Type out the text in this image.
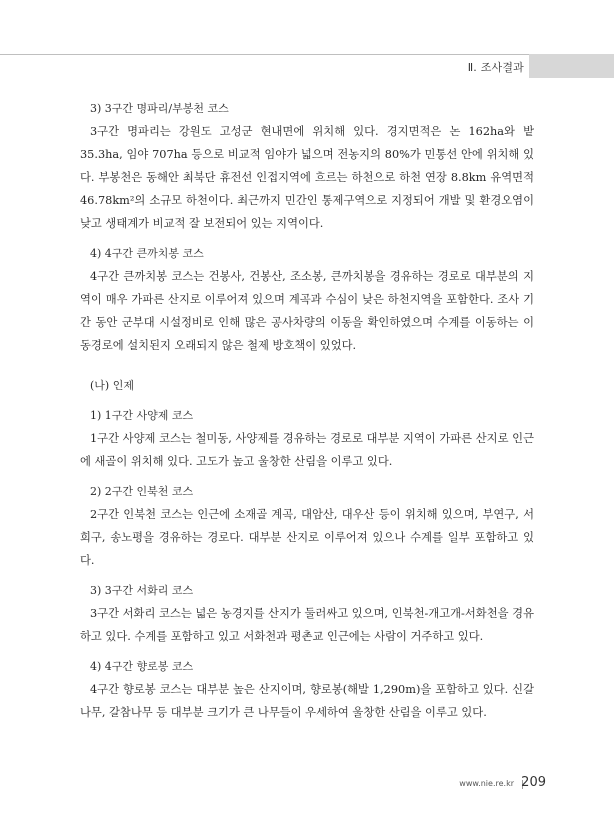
Ⅱ. 조사결과

3) 3구간 명파리/부봉천 코스

3구간 명파리는 강원도 고성군 현내면에 위치해 있다. 경지면적은 논 162ha와 밭 35.3ha, 임야 707ha 등으로 비교적 임야가 넓으며 전농지의 80%가 민통선 안에 위치해 있다. 부봉천은 동해안 최북단 휴전선 인접지역에 흐르는 하천으로 하천 연장 8.8km 유역면적 46.78km²의 소규모 하천이다. 최근까지 민간인 통제구역으로 지정되어 개발 및 환경오염이 낮고 생태계가 비교적 잘 보전되어 있는 지역이다.

4) 4구간 큰까치봉 코스

4구간 큰까치봉 코스는 건봉사, 건봉산, 조소봉, 큰까치봉을 경유하는 경로로 대부분의 지역이 매우 가파른 산지로 이루어져 있으며 계곡과 수심이 낮은 하천지역을 포함한다. 조사 기간 동안 군부대 시설정비로 인해 많은 공사차량의 이동을 확인하였으며 수계를 이동하는 이동경로에 설치된지 오래되지 않은 철제 방호책이 있었다.

(나) 인제

1) 1구간 사양제 코스

1구간 사양제 코스는 철미동, 사양제를 경유하는 경로로 대부분 지역이 가파른 산지로 인근에 새골이 위치해 있다. 고도가 높고 울창한 산림을 이루고 있다.

2) 2구간 인북천 코스

2구간 인북천 코스는 인근에 소재골 계곡, 대암산, 대우산 등이 위치해 있으며, 부연구, 서희구, 송노평을 경유하는 경로다. 대부분 산지로 이루어져 있으나 수계를 일부 포함하고 있다.

3) 3구간 서화리 코스

3구간 서화리 코스는 넓은 농경지를 산지가 둘러싸고 있으며, 인북천-개고개-서화천을 경유하고 있다. 수계를 포함하고 있고 서화천과 평촌교 인근에는 사람이 거주하고 있다.

4) 4구간 향로봉 코스

4구간 향로봉 코스는 대부분 높은 산지이며, 향로봉(해발 1,290m)을 포함하고 있다. 신갈나무, 갈참나무 등 대부분 크기가 큰 나무들이 우세하여 울창한 산림을 이루고 있다.

www.nie.re.kr 209
